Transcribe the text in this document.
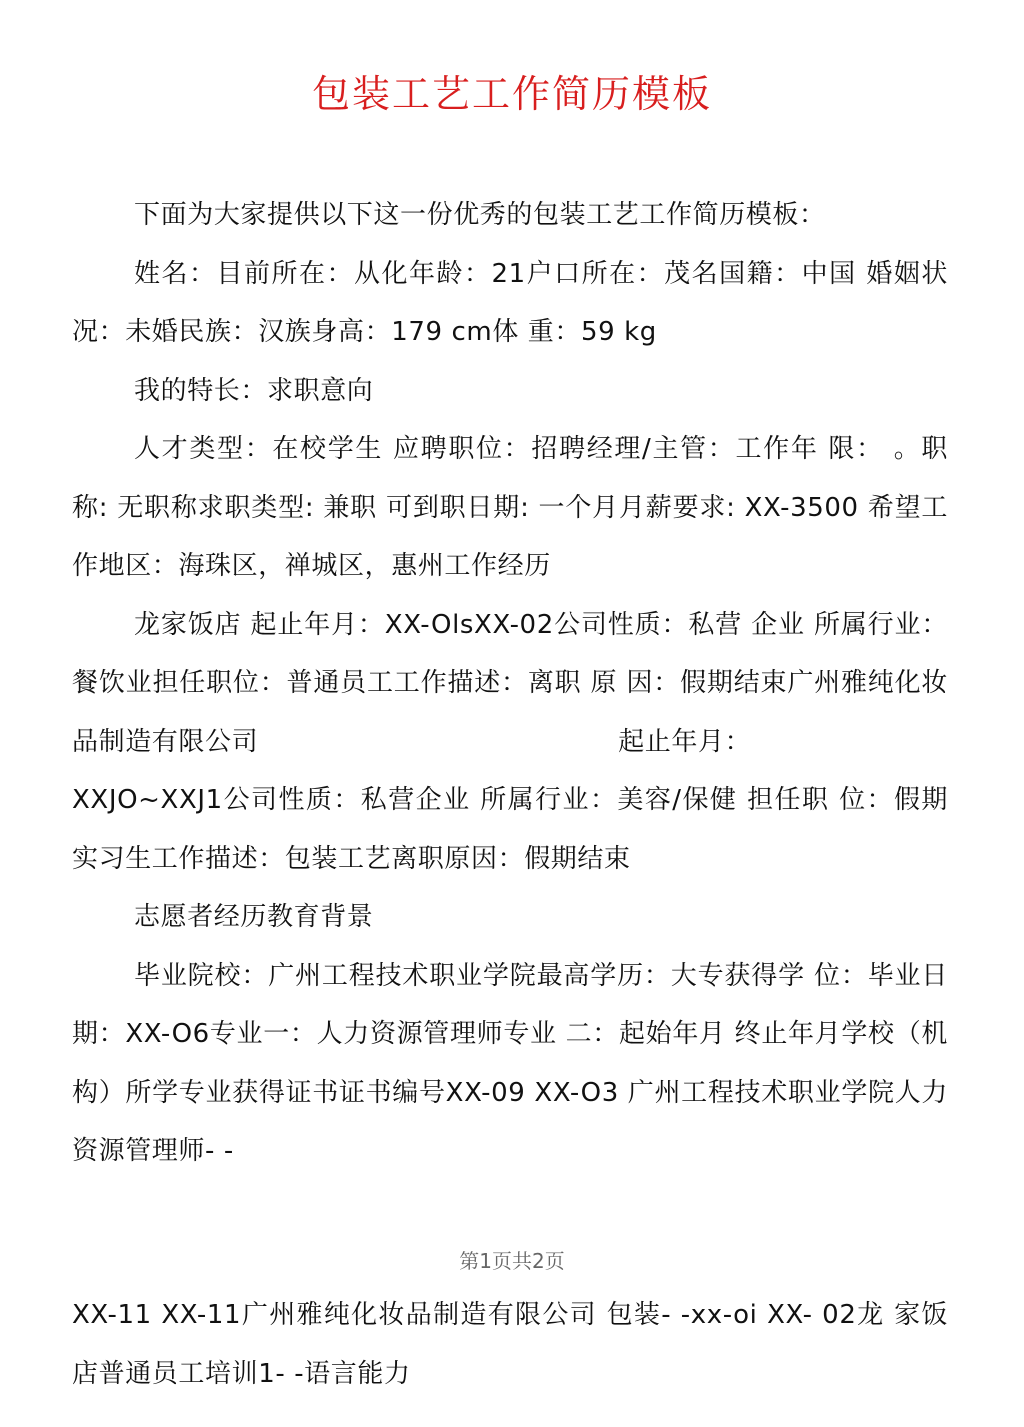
包装工艺工作简历模板

下面为大家提供以下这一份优秀的包装工艺工作简历模板：

姓名：目前所在：从化年龄：21户口所在：茂名国籍：中国 婚姻状况：未婚民族：汉族身高：179 cm体 重：59 kg

我的特长：求职意向

人才类型：在校学生 应聘职位：招聘经理/主管：工作年 限： 。职 称: 无职称求职类型: 兼职 可到职日期: 一个月月薪要求: XX-3500 希望工作地区：海珠区，禅城区，惠州工作经历

龙家饭店 起止年月：XX-OlsXX-02公司性质：私营 企业 所属行业：餐饮业担任职位：普通员工工作描述：离职 原 因：假期结束广州雅纯化妆品制造有限公司	起止年月：

XXJO~XXJ1公司性质：私营企业 所属行业：美容/保健 担任职 位：假期实习生工作描述：包装工艺离职原因：假期结束

志愿者经历教育背景

毕业院校：广州工程技术职业学院最高学历：大专获得学 位：毕业日期：XX-O6专业一：人力资源管理师专业 二：起始年月 终止年月学校（机构）所学专业获得证书证书编号XX-09 XX-O3 广州工程技术职业学院人力资源管理师- -

第1页共2页

XX-11 XX-11广州雅纯化妆品制造有限公司 包装- -xx-oi XX- 02龙 家饭店普通员工培训1- -语言能力
